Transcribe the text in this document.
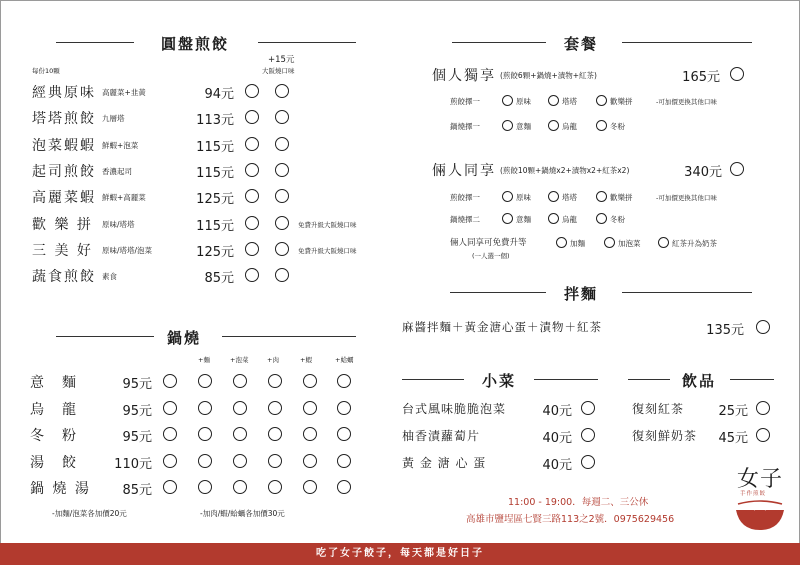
圓盤煎餃
每份10顆
+15元
大阪燒口味
經典原味 高麗菜+韭黃	94元
塔塔煎餃 九層塔	113元
泡菜蝦蝦 鮮蝦+泡菜	115元
起司煎餃 香濃起司	115元
高麗菜蝦 鮮蝦+高麗菜	125元
歡 樂 拼 原味/塔塔	115元	免費升級大阪燒口味
三 美 好 原味/塔塔/泡菜	125元	免費升級大阪燒口味
蔬食煎餃 素食	85元
鍋燒
+麵	+泡菜	+肉	+蝦	+蛤蠣
意　麵	95元
烏　龍	95元
冬　粉	95元
湯　餃	110元
鍋 燒 湯	85元
-加麵/泡菜各加價20元	-加肉/蝦/蛤蠣各加價30元
套餐
個人獨享 (煎餃6顆+鍋燒+漬物+紅茶)	165元
煎餃擇一	原味	塔塔	歡樂拼	-可加價更換其他口味
鍋燒擇一	意麵	烏龍	冬粉
倆人同享 (煎餃10顆+鍋燒x2+漬物x2+紅茶x2)	340元
煎餃擇一	原味	塔塔	歡樂拼	-可加價更換其他口味
鍋燒擇二	意麵	烏龍	冬粉
倆人同享可免費升等
(一人選一個)
加麵	加泡菜	紅茶升為奶茶
拌麵
麻醬拌麵＋黃金溏心蛋＋漬物＋紅茶	135元
小菜
台式風味脆脆泡菜	40元
柚香漬蘿蔔片	40元
黃 金 溏 心 蛋	40元
飲品
復刻紅茶	25元
復刻鮮奶茶	45元
11:00 - 19:00．每週二、三公休
高雄市鹽埕區七賢三路113之2號．0975629456
女子
手作煎餃
吃了女子餃子，每天都是好日子
